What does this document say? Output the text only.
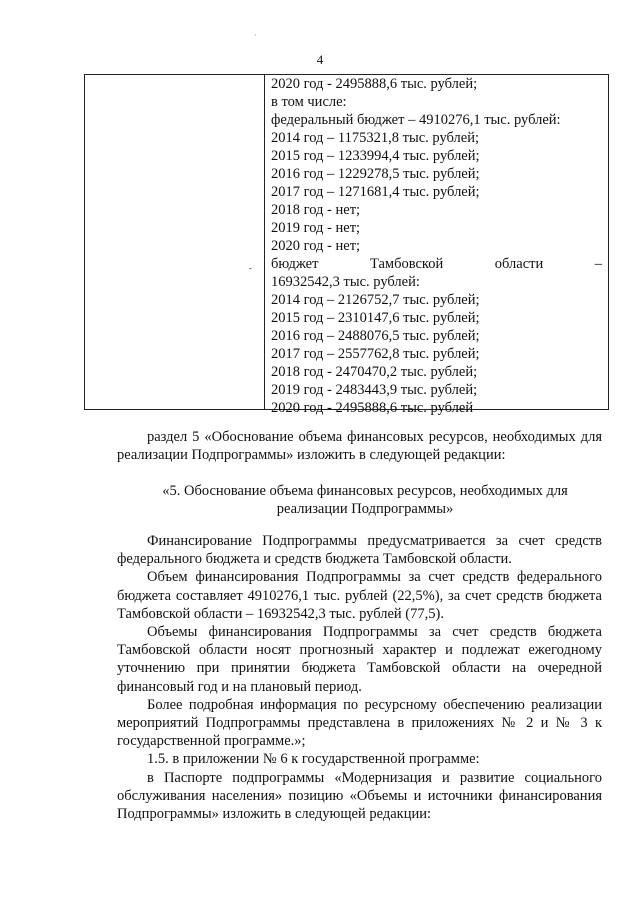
4
-
2020 год - 2495888,6 тыс. рублей;
в том числе:
федеральный бюджет – 4910276,1 тыс. рублей:
2014 год – 1175321,8 тыс. рублей;
2015 год – 1233994,4 тыс. рублей;
2016 год – 1229278,5 тыс. рублей;
2017 год – 1271681,4 тыс. рублей;
2018 год - нет;
2019 год - нет;
2020 год - нет;
бюджет	Тамбовской	области	–
16932542,3 тыс. рублей:
2014 год – 2126752,7 тыс. рублей;
2015 год – 2310147,6 тыс. рублей;
2016 год – 2488076,5 тыс. рублей;
2017 год – 2557762,8 тыс. рублей;
2018 год - 2470470,2 тыс. рублей;
2019 год - 2483443,9 тыс. рублей;
2020 год - 2495888,6 тыс. рублей

раздел 5 «Обоснование объема финансовых ресурсов, необходимых для реализации Подпрограммы» изложить в следующей редакции:

«5. Обоснование объема финансовых ресурсов, необходимых для реализации Подпрограммы»

Финансирование Подпрограммы предусматривается за счет средств федерального бюджета и средств бюджета Тамбовской области.

Объем финансирования Подпрограммы за счет средств федерального бюджета составляет 4910276,1 тыс. рублей (22,5%), за счет средств бюджета Тамбовской области – 16932542,3 тыс. рублей (77,5).

Объемы финансирования Подпрограммы за счет средств бюджета Тамбовской области носят прогнозный характер и подлежат ежегодному уточнению при принятии бюджета Тамбовской области на очередной финансовый год и на плановый период.

Более подробная информация по ресурсному обеспечению реализации мероприятий Подпрограммы представлена в приложениях № 2 и № 3 к государственной программе.»;

1.5. в приложении № 6 к государственной программе:

в Паспорте подпрограммы «Модернизация и развитие социального обслуживания населения» позицию «Объемы и источники финансирования Подпрограммы» изложить в следующей редакции:

·
